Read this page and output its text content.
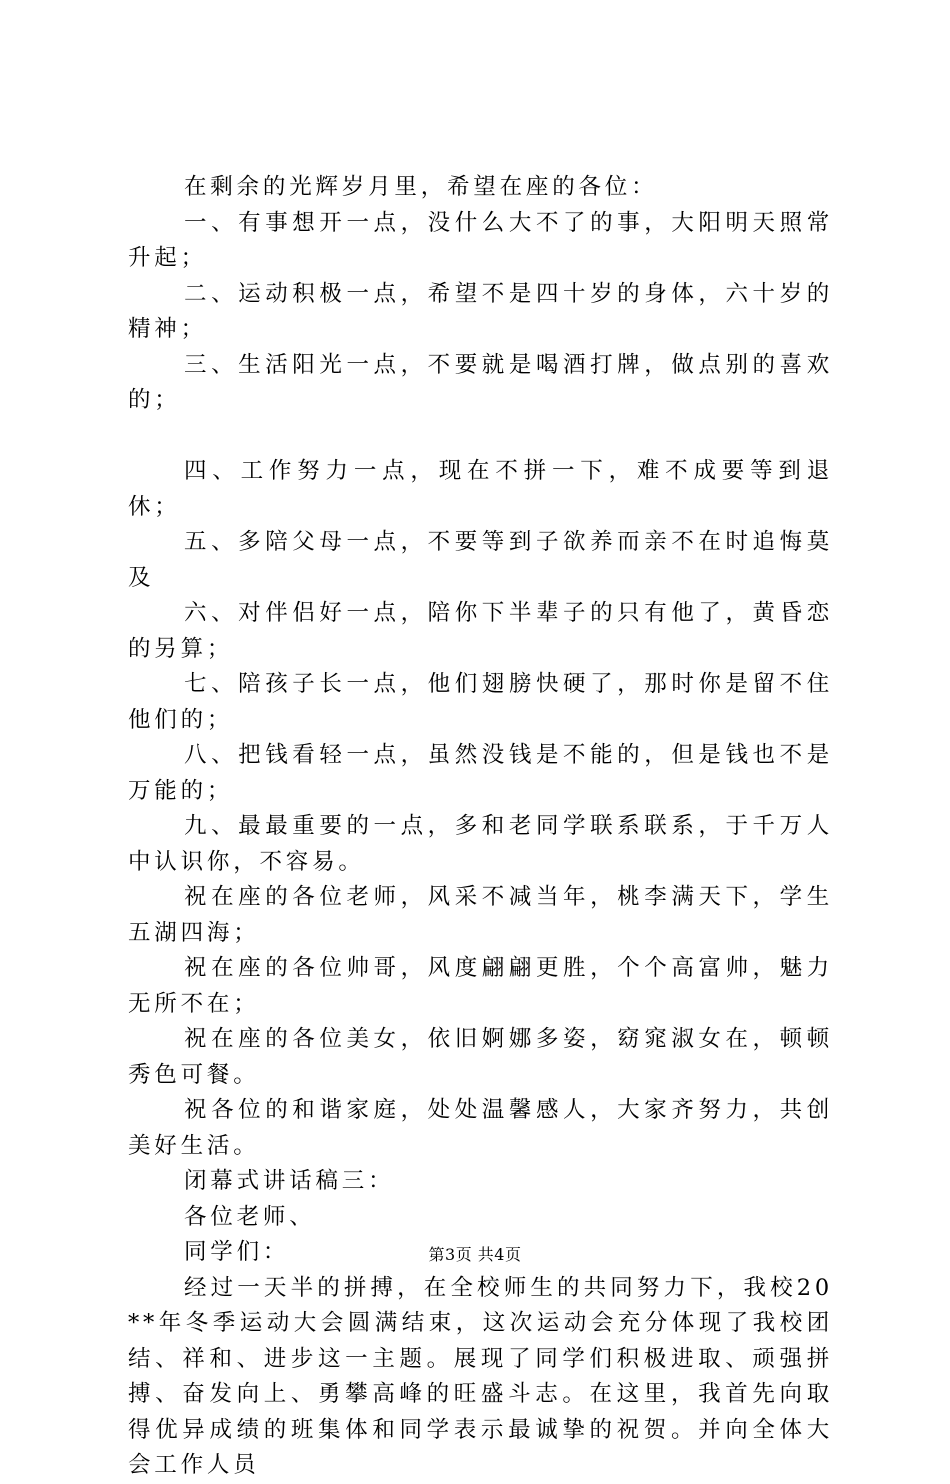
在剩余的光辉岁月里，希望在座的各位：

一、有事想开一点，没什么大不了的事，大阳明天照常升起；

二、运动积极一点，希望不是四十岁的身体，六十岁的精神；

三、生活阳光一点，不要就是喝酒打牌，做点别的喜欢的；

四、工作努力一点，现在不拼一下，难不成要等到退休；

五、多陪父母一点，不要等到子欲养而亲不在时追悔莫及

六、对伴侣好一点，陪你下半辈子的只有他了，黄昏恋的另算；

七、陪孩子长一点，他们翅膀快硬了，那时你是留不住他们的；

八、把钱看轻一点，虽然没钱是不能的，但是钱也不是万能的；

九、最最重要的一点，多和老同学联系联系，于千万人中认识你，不容易。

祝在座的各位老师，风采不减当年，桃李满天下，学生五湖四海；

祝在座的各位帅哥，风度翩翩更胜，个个高富帅，魅力无所不在；

祝在座的各位美女，依旧婀娜多姿，窈窕淑女在，顿顿秀色可餐。

祝各位的和谐家庭，处处温馨感人，大家齐努力，共创美好生活。

闭幕式讲话稿三：

各位老师、

同学们：

经过一天半的拼搏，在全校师生的共同努力下，我校20**年冬季运动大会圆满结束，这次运动会充分体现了我校团结、祥和、进步这一主题。展现了同学们积极进取、顽强拼搏、奋发向上、勇攀高峰的旺盛斗志。在这里，我首先向取得优异成绩的班集体和同学表示最诚挚的祝贺。并向全体大会工作人员

第3页 共4页
